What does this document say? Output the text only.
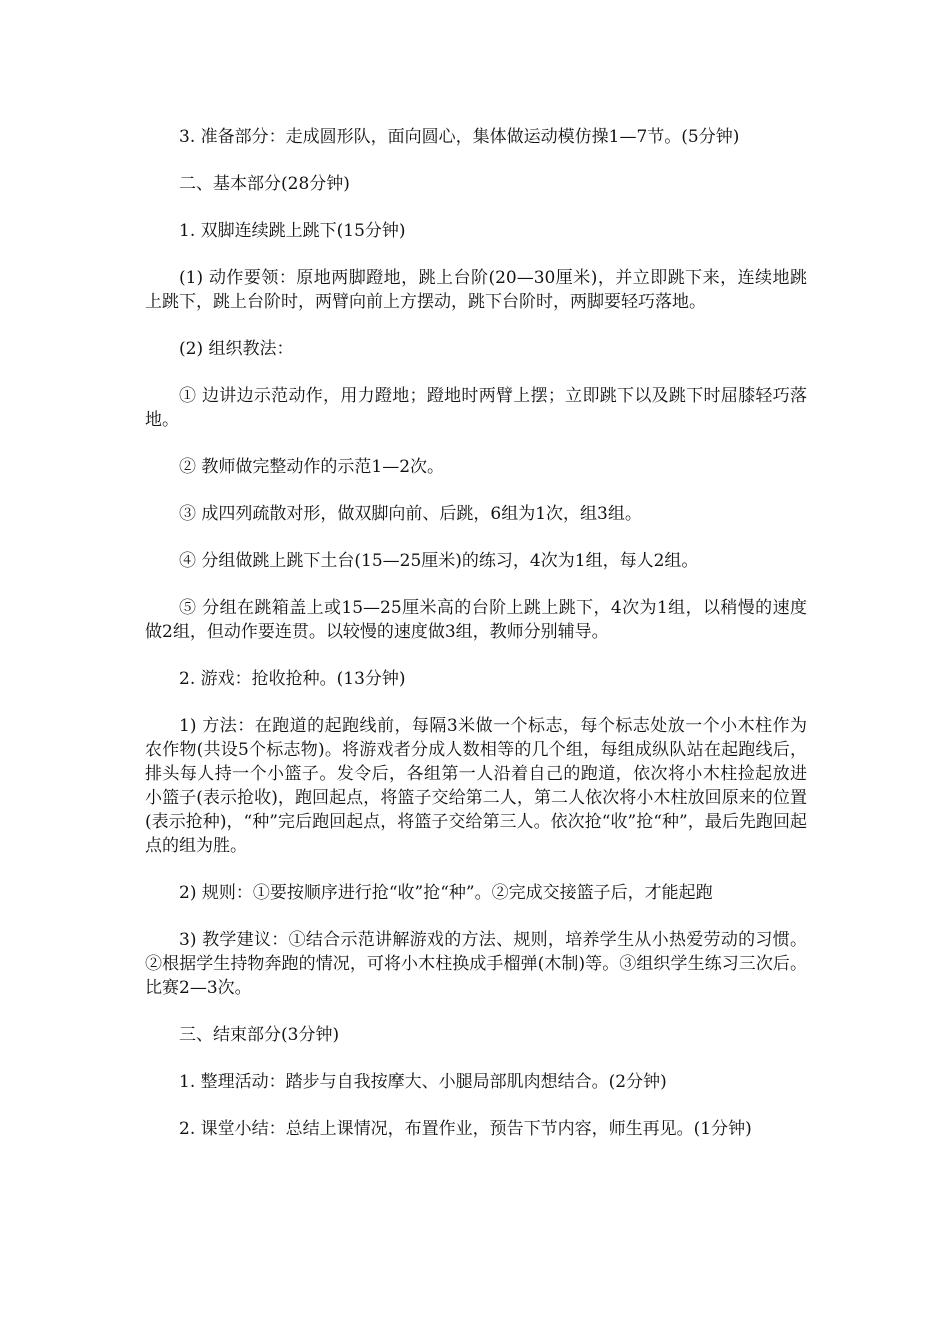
3. 准备部分：走成圆形队，面向圆心，集体做运动模仿操1—7节。(5分钟)

二、基本部分(28分钟)

1. 双脚连续跳上跳下(15分钟)

(1) 动作要领：原地两脚蹬地，跳上台阶(20—30厘米)，并立即跳下来，连续地跳上跳下，跳上台阶时，两臂向前上方摆动，跳下台阶时，两脚要轻巧落地。

(2) 组织教法：

① 边讲边示范动作，用力蹬地；蹬地时两臂上摆；立即跳下以及跳下时屈膝轻巧落地。

② 教师做完整动作的示范1—2次。

③ 成四列疏散对形，做双脚向前、后跳，6组为1次，组3组。

④ 分组做跳上跳下土台(15—25厘米)的练习，4次为1组，每人2组。

⑤ 分组在跳箱盖上或15—25厘米高的台阶上跳上跳下，4次为1组，以稍慢的速度做2组，但动作要连贯。以较慢的速度做3组，教师分别辅导。

2. 游戏：抢收抢种。(13分钟)

1) 方法：在跑道的起跑线前，每隔3米做一个标志，每个标志处放一个小木柱作为农作物(共设5个标志物)。将游戏者分成人数相等的几个组，每组成纵队站在起跑线后，排头每人持一个小篮子。发令后，各组第一人沿着自己的跑道，依次将小木柱捡起放进小篮子(表示抢收)，跑回起点，将篮子交给第二人，第二人依次将小木柱放回原来的位置(表示抢种)，“种”完后跑回起点，将篮子交给第三人。依次抢“收”抢“种”，最后先跑回起点的组为胜。

2) 规则：①要按顺序进行抢“收”抢“种”。②完成交接篮子后，才能起跑

3) 教学建议：①结合示范讲解游戏的方法、规则，培养学生从小热爱劳动的习惯。②根据学生持物奔跑的情况，可将小木柱换成手榴弹(木制)等。③组织学生练习三次后。比赛2—3次。

三、结束部分(3分钟)

1. 整理活动：踏步与自我按摩大、小腿局部肌肉想结合。(2分钟)

2. 课堂小结：总结上课情况，布置作业，预告下节内容，师生再见。(1分钟)
